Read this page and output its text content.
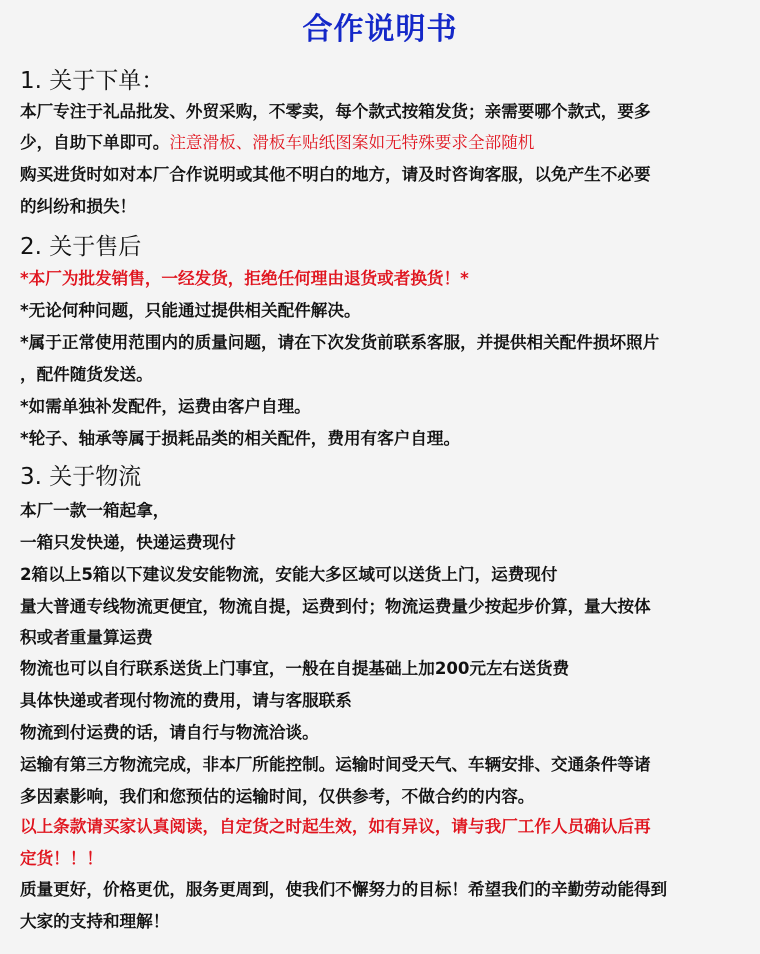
合作说明书
1. 关于下单：
本厂专注于礼品批发、外贸采购，不零卖，每个款式按箱发货；亲需要哪个款式，要多
少，自助下单即可。注意滑板、滑板车贴纸图案如无特殊要求全部随机
购买进货时如对本厂合作说明或其他不明白的地方，请及时咨询客服，以免产生不必要
的纠纷和损失！
2. 关于售后
*本厂为批发销售，一经发货，拒绝任何理由退货或者换货！*
*无论何种问题，只能通过提供相关配件解决。
*属于正常使用范围内的质量问题，请在下次发货前联系客服，并提供相关配件损坏照片
，配件随货发送。
*如需单独补发配件，运费由客户自理。
*轮子、轴承等属于损耗品类的相关配件，费用有客户自理。
3. 关于物流
本厂一款一箱起拿，
一箱只发快递，快递运费现付
2箱以上5箱以下建议发安能物流，安能大多区域可以送货上门，运费现付
量大普通专线物流更便宜，物流自提，运费到付；物流运费量少按起步价算，量大按体
积或者重量算运费
物流也可以自行联系送货上门事宜，一般在自提基础上加200元左右送货费
具体快递或者现付物流的费用，请与客服联系
物流到付运费的话，请自行与物流洽谈。
运输有第三方物流完成，非本厂所能控制。运输时间受天气、车辆安排、交通条件等诸
多因素影响，我们和您预估的运输时间，仅供参考，不做合约的内容。
以上条款请买家认真阅读，自定货之时起生效，如有异议，请与我厂工作人员确认后再
定货！！！
质量更好，价格更优，服务更周到，使我们不懈努力的目标！希望我们的辛勤劳动能得到
大家的支持和理解！
